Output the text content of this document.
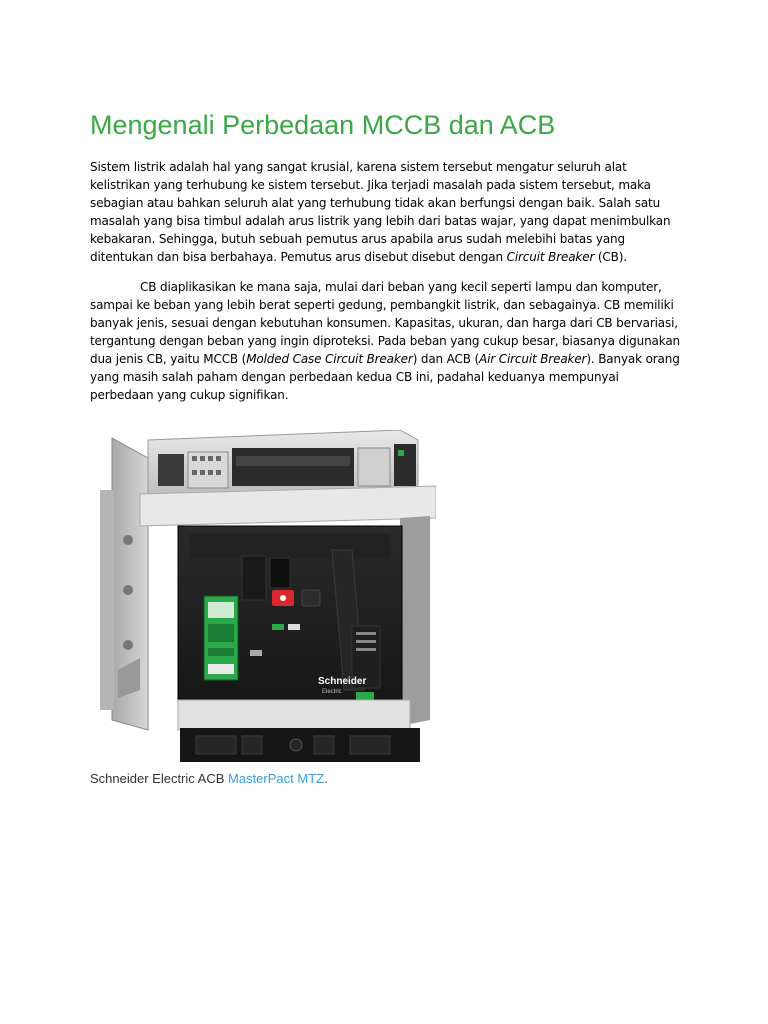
Mengenali Perbedaan MCCB dan ACB

Sistem listrik adalah hal yang sangat krusial, karena sistem tersebut mengatur seluruh alat kelistrikan yang terhubung ke sistem tersebut. Jika terjadi masalah pada sistem tersebut, maka sebagian atau bahkan seluruh alat yang terhubung tidak akan berfungsi dengan baik. Salah satu masalah yang bisa timbul adalah arus listrik yang lebih dari batas wajar, yang dapat menimbulkan kebakaran. Sehingga, butuh sebuah pemutus arus apabila arus sudah melebihi batas yang ditentukan dan bisa berbahaya. Pemutus arus disebut disebut dengan Circuit Breaker (CB).

CB diaplikasikan ke mana saja, mulai dari beban yang kecil seperti lampu dan komputer, sampai ke beban yang lebih berat seperti gedung, pembangkit listrik, dan sebagainya. CB memiliki banyak jenis, sesuai dengan kebutuhan konsumen. Kapasitas, ukuran, dan harga dari CB bervariasi, tergantung dengan beban yang ingin diproteksi. Pada beban yang cukup besar, biasanya digunakan dua jenis CB, yaitu MCCB (Molded Case Circuit Breaker) dan ACB (Air Circuit Breaker). Banyak orang yang masih salah paham dengan perbedaan kedua CB ini, padahal keduanya mempunyai perbedaan yang cukup signifikan.

Schneider
Electric
Schneider Electric ACB MasterPact MTZ.
